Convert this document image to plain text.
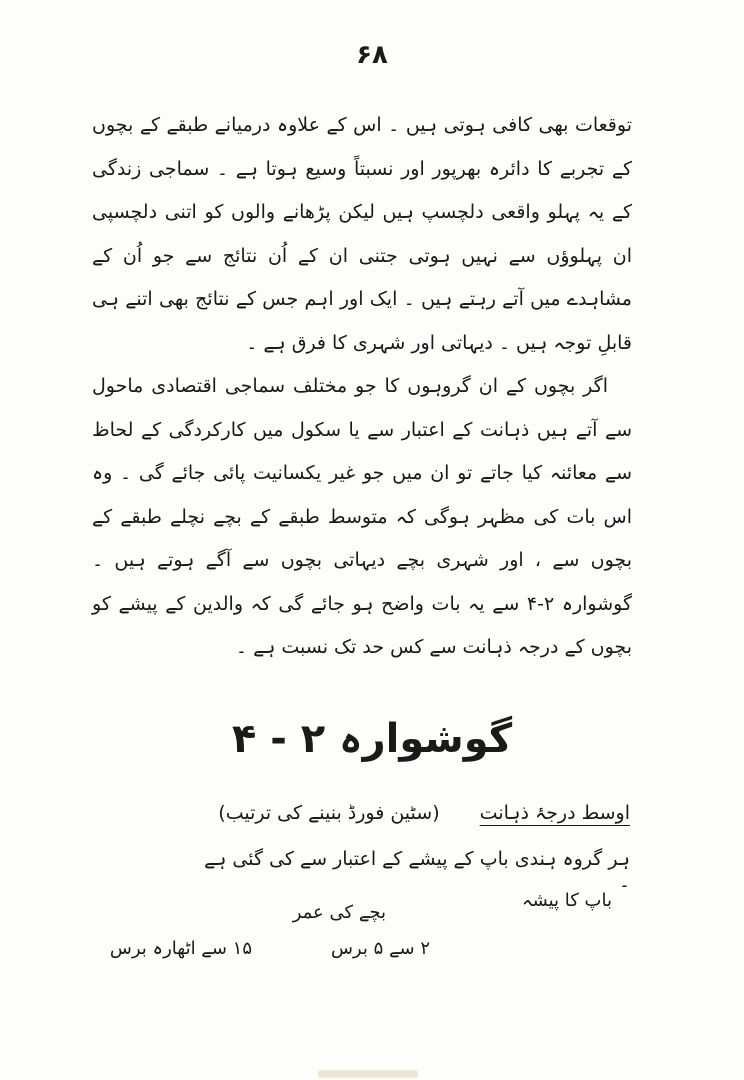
۶۸

توقعات بھی کافی ہوتی ہیں ۔ اس کے علاوہ درمیانے طبقے کے بچوں کے تجربے کا دائرہ بھرپور اور نسبتاً وسیع ہوتا ہے ۔ سماجی زندگی کے یہ پہلو واقعی دلچسپ ہیں لیکن پڑھانے والوں کو اتنی دلچسپی ان پہلوؤں سے نہیں ہوتی جتنی ان کے اُن نتائج سے جو اُن کے مشاہدے میں آتے رہتے ہیں ۔ ایک اور اہم جس کے نتائج بھی اتنے ہی قابلِ توجہ ہیں ۔ دیہاتی اور شہری کا فرق ہے ۔

اگر بچوں کے ان گروہوں کا جو مختلف سماجی اقتصادی ماحول سے آتے ہیں ذہانت کے اعتبار سے یا سکول میں کارکردگی کے لحاظ سے معائنہ کیا جاتے تو ان میں جو غیر یکسانیت پائی جائے گی ۔ وہ اس بات کی مظہر ہوگی کہ متوسط طبقے کے بچے نچلے طبقے کے بچوں سے ، اور شہری بچے دیہاتی بچوں سے آگے ہوتے ہیں ۔ گوشوارہ ۲-۴ سے یہ بات واضح ہو جائے گی کہ والدین کے پیشے کو بچوں کے درجہ ذہانت سے کس حد تک نسبت ہے ۔

گوشوارہ ۲ - ۴
اوسط درجۂ ذہانت (سٹین فورڈ بنینے کی ترتیب)
ہر گروہ ہندی باپ کے پیشے کے اعتبار سے کی گئی ہے ۔
باپ کا پیشہ
بچے کی عمر
۲ سے ۵ برس
۱۵ سے اٹھارہ برس
